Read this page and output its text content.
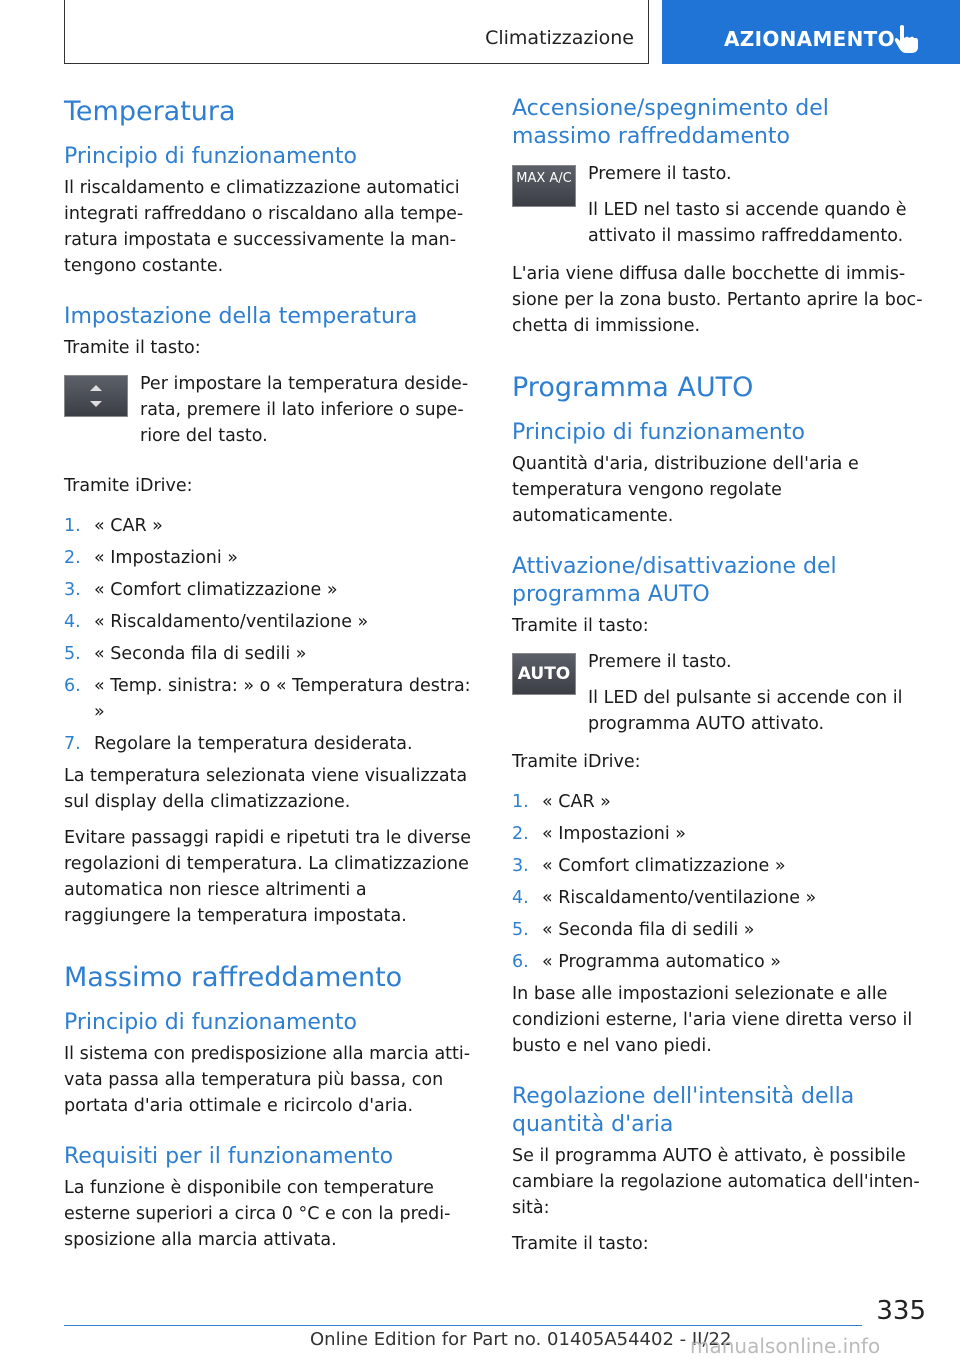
Climatizzazione	AZIONAMENTO
Temperatura
Principio di funzionamento

Il riscaldamento e climatizzazione automatici integrati raffreddano o riscaldano alla temperatura impostata e successivamente la mantengono costante.

Impostazione della temperatura

Tramite il tasto:

Per impostare la temperatura desiderata, premere il lato inferiore o superiore del tasto.

Tramite iDrive:

1. « CAR »
2. « Impostazioni »
3. « Comfort climatizzazione »
4. « Riscaldamento/ventilazione »
5. « Seconda fila di sedili »
6. « Temp. sinistra: » o « Temperatura destra: »
7. Regolare la temperatura desiderata.

La temperatura selezionata viene visualizzata sul display della climatizzazione.

Evitare passaggi rapidi e ripetuti tra le diverse regolazioni di temperatura. La climatizzazione automatica non riesce altrimenti a raggiungere la temperatura impostata.

Massimo raffreddamento
Principio di funzionamento

Il sistema con predisposizione alla marcia attivata passa alla temperatura più bassa, con portata d'aria ottimale e ricircolo d'aria.

Requisiti per il funzionamento

La funzione è disponibile con temperature esterne superiori a circa 0 °C e con la predisposizione alla marcia attivata.

Accensione/spegnimento del massimo raffreddamento
MAX A/C Premere il tasto.

Il LED nel tasto si accende quando è attivato il massimo raffreddamento.

L'aria viene diffusa dalle bocchette di immissione per la zona busto. Pertanto aprire la bocchetta di immissione.

Programma AUTO
Principio di funzionamento

Quantità d'aria, distribuzione dell'aria e temperatura vengono regolate automaticamente.

Attivazione/disattivazione del programma AUTO

Tramite il tasto:

AUTO

Premere il tasto.

Il LED del pulsante si accende con il programma AUTO attivato.

Tramite iDrive:

1. « CAR »
2. « Impostazioni »
3. « Comfort climatizzazione »
4. « Riscaldamento/ventilazione »
5. « Seconda fila di sedili »
6. « Programma automatico »

In base alle impostazioni selezionate e alle condizioni esterne, l'aria viene diretta verso il busto e nel vano piedi.

Regolazione dell'intensità della quantità d'aria

Se il programma AUTO è attivato, è possibile cambiare la regolazione automatica dell'intensità:

Tramite il tasto:

335
Online Edition for Part no. 01405A54402 - II/22
manualsonline.info
